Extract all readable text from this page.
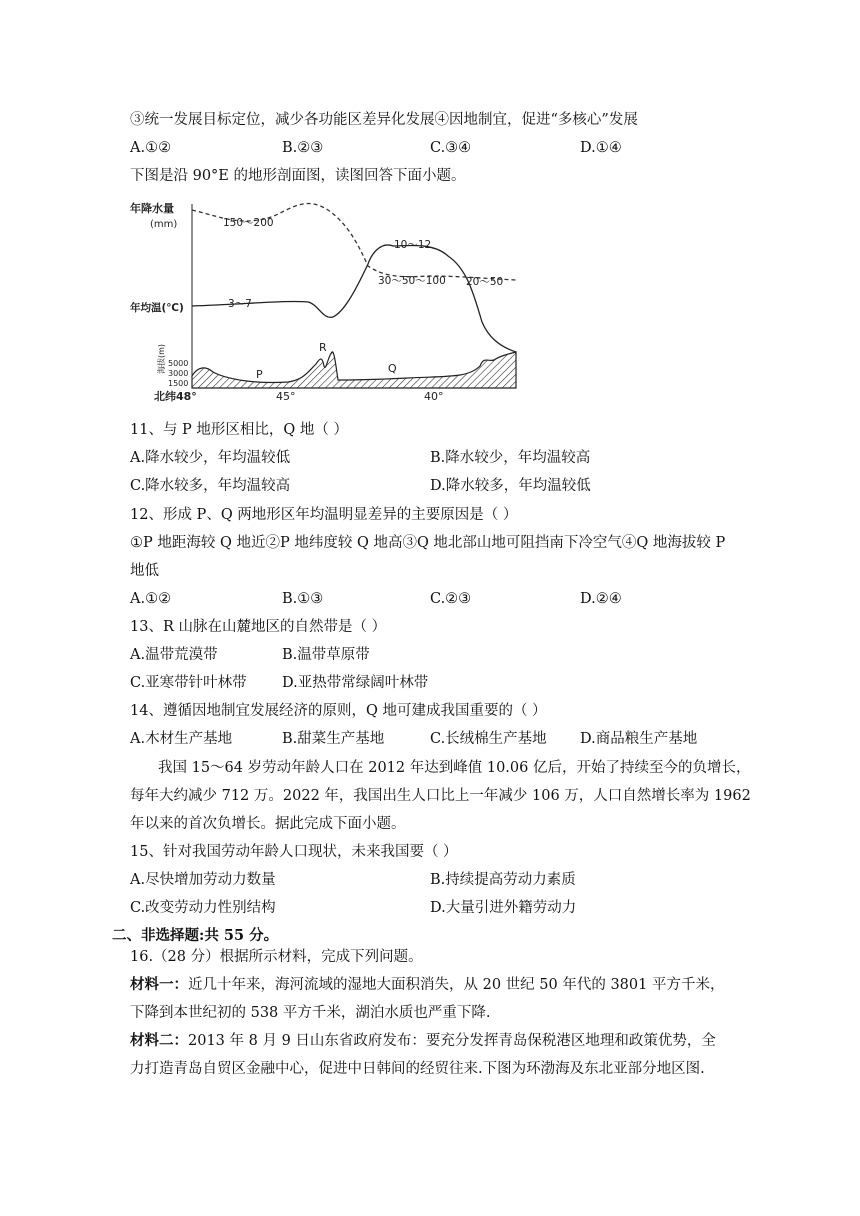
③统一发展目标定位，减少各功能区差异化发展④因地制宜，促进“多核心”发展
A.①②	B.②③	C.③④	D.①④
下图是沿 90°E 的地形剖面图，读图回答下面小题。
年降水量
(mm)
年均温(℃)
150～200
30～50～100 20～50
3～7
10～12
海拔(m) 5000
3000
1500
P
R
Q
北纬48°	45°	40°
11、与 P 地形区相比，Q 地（ ）
A.降水较少，年均温较低	B.降水较少，年均温较高
C.降水较多，年均温较高	D.降水较多，年均温较低
12、形成 P、Q 两地形区年均温明显差异的主要原因是（ ）
①P 地距海较 Q 地近②P 地纬度较 Q 地高③Q 地北部山地可阻挡南下冷空气④Q 地海拔较 P
地低
A.①②	B.①③	C.②③	D.②④
13、R 山脉在山麓地区的自然带是（ ）
A.温带荒漠带	B.温带草原带
C.亚寒带针叶林带 D.亚热带常绿阔叶林带
14、遵循因地制宜发展经济的原则，Q 地可建成我国重要的（ ）
A.木材生产基地	B.甜菜生产基地	C.长绒棉生产基地 D.商品粮生产基地
我国 15～64 岁劳动年龄人口在 2012 年达到峰值 10.06 亿后，开始了持续至今的负增长，
每年大约减少 712 万。2022 年，我国出生人口比上一年减少 106 万，人口自然增长率为 1962
年以来的首次负增长。据此完成下面小题。
15、针对我国劳动年龄人口现状，未来我国要（ ）
A.尽快增加劳动力数量	B.持续提高劳动力素质
C.改变劳动力性别结构	D.大量引进外籍劳动力
二、非选择题:共 55 分。
16.（28 分）根据所示材料，完成下列问题。
材料一：近几十年来，海河流域的湿地大面积消失，从 20 世纪 50 年代的 3801 平方千米，
下降到本世纪初的 538 平方千米，湖泊水质也严重下降.
材料二：2013 年 8 月 9 日山东省政府发布：要充分发挥青岛保税港区地理和政策优势，全
力打造青岛自贸区金融中心，促进中日韩间的经贸往来.下图为环渤海及东北亚部分地区图.
